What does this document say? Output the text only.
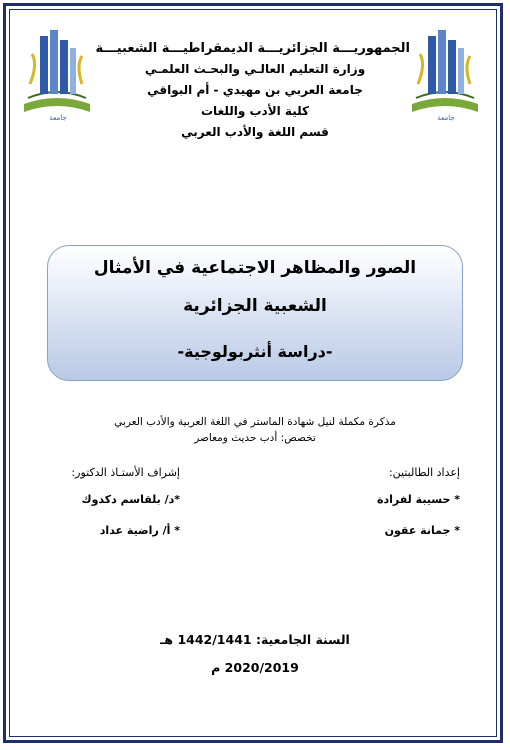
جامعة	جامعة
الجمهوريـــة الجزائريـــة الديمقراطيـــة الشعبيـــة
وزارة التعليم العالـي والبحـث العلمـي
جامعة العربي بن مهيدي - أم البواقي
كلية الأدب واللغات
قسم اللغة والأدب العربي
الصور والمظاهر الاجتماعية في الأمثال
الشعبية الجزائرية
-دراسة أنثربولوجية-
مذكرة مكملة لنيل شهادة الماستر في اللغة العربية والأدب العربي
تخصص: أدب حديث ومعاصر
إعداد الطالبتين:
* حسيبة لفرادة
* جمانة عقون
إشراف الأستـاذ الدكتور:
*د/ بلقاسم دكدوك
* أ/ راضية عداد
السنة الجامعية: 1442/1441 هـ
2020/2019 م
